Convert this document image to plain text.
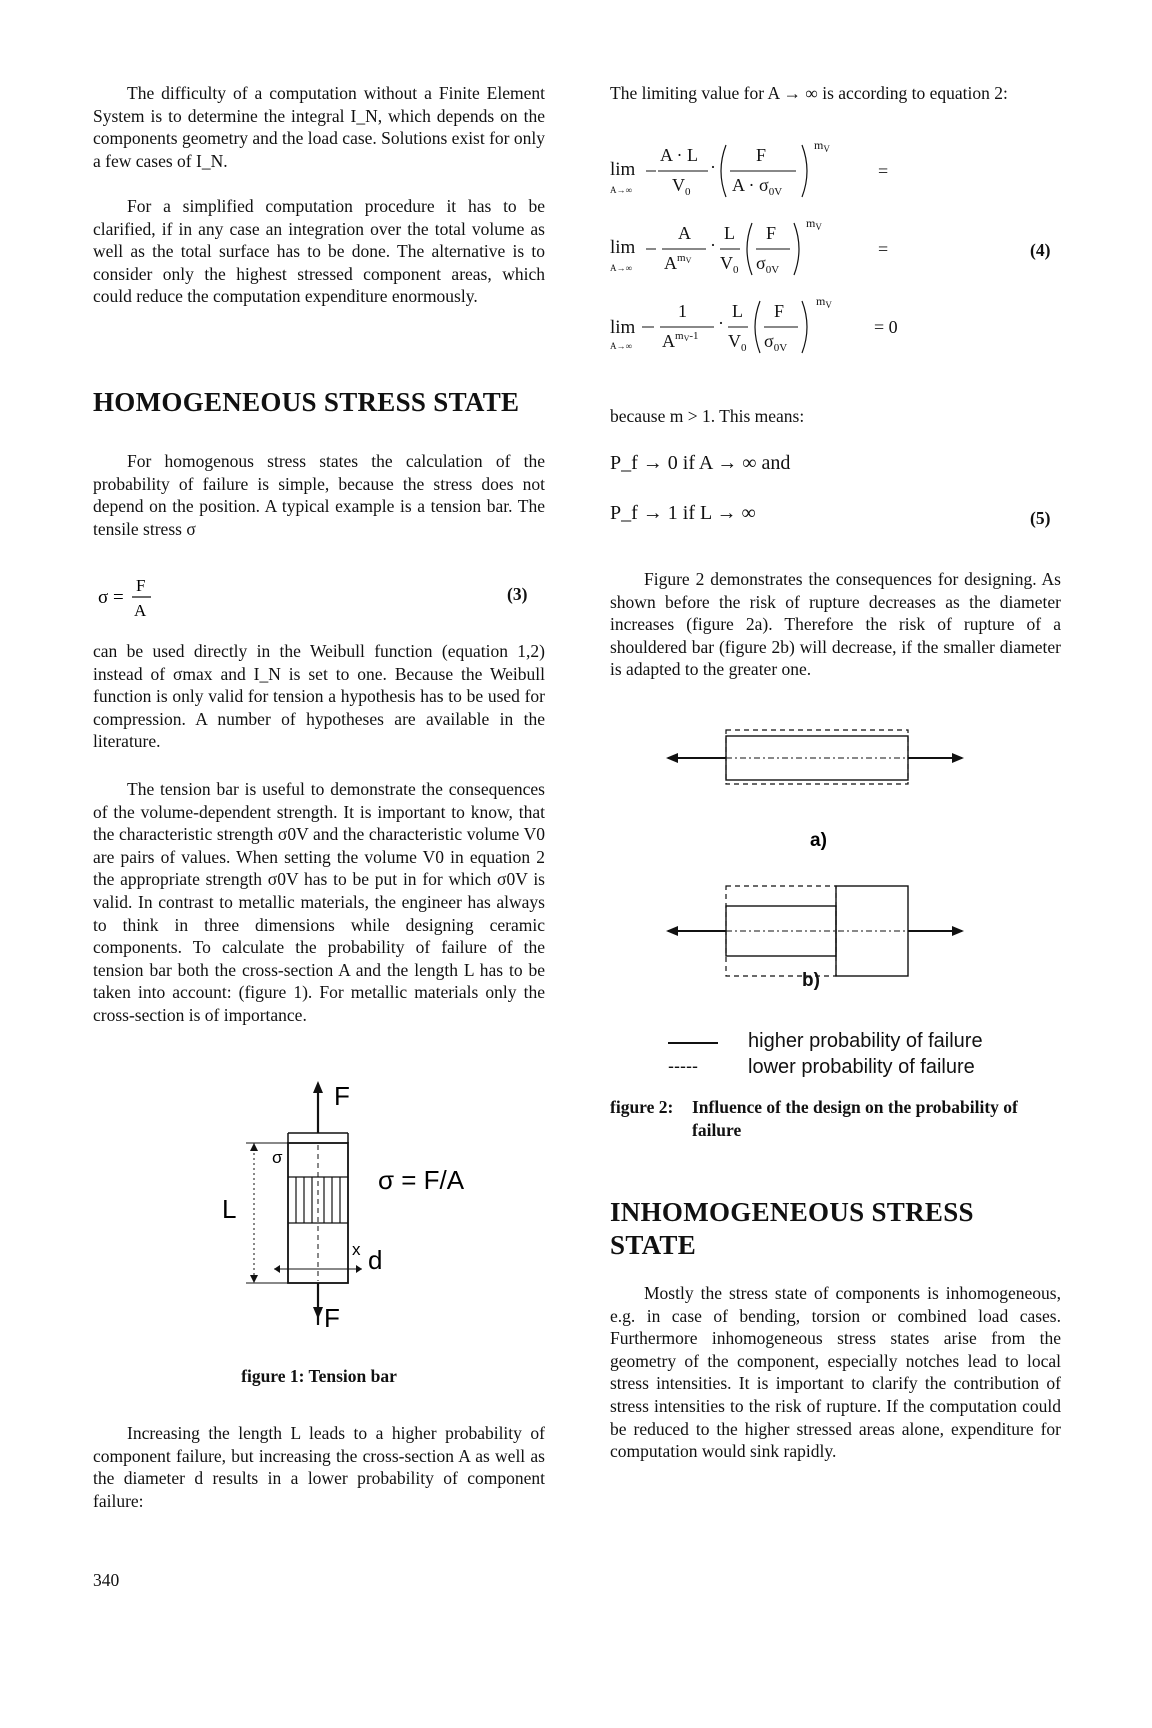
The difficulty of a computation without a Finite Element System is to determine the integral I_N, which depends on the components geometry and the load case. Solutions exist for only a few cases of I_N.

For a simplified computation procedure it has to be clarified, if in any case an integration over the total volume as well as the total surface has to be done. The alternative is to consider only the highest stressed component areas, which could reduce the computation expenditure enormously.

HOMOGENEOUS STRESS STATE

For homogenous stress states the calculation of the probability of failure is simple, because the stress does not depend on the position. A typical example is a tension bar. The tensile stress σ

σ =
F
A
(3)

can be used directly in the Weibull function (equation 1,2) instead of σmax and I_N is set to one. Because the Weibull function is only valid for tension a hypothesis has to be used for compression. A number of hypotheses are available in the literature.

The tension bar is useful to demonstrate the consequences of the volume-dependent strength. It is important to know, that the characteristic strength σ0V and the characteristic volume V0 are pairs of values. When setting the volume V0 in equation 2 the appropriate strength σ0V has to be put in for which σ0V is valid. In contrast to metallic materials, the engineer has always to think in three dimensions while designing ceramic components. To calculate the probability of failure of the tension bar both the cross-section A and the length L has to be taken into account: (figure 1). For metallic materials only the cross-section is of importance.

L
σ
F
F
x d
σ = F/A
figure 1: Tension bar

Increasing the length L leads to a higher probability of component failure, but increasing the cross-section A as well as the diameter d results in a lower probability of component failure:

340

The limiting value for A → ∞ is according to equation 2:

lim
A→∞
A · L
$V_0$
·
F
$A \cdot \sigma_{0V}$
$m_V$
=
lim
A→∞
A
$A^mV$
·
L
$V_0$
F
$\sigma_{0V}$
$m_V$
=
lim
A→∞
1
$A^mV-1$
·
L
$V_0$
F
$\sigma_{0V}$
$m_V$
= 0
(4)
because m > 1. This means:
P_f → 0 if A → ∞ and
P_f → 1 if L → ∞	(5)

Figure 2 demonstrates the consequences for designing. As shown before the risk of rupture decreases as the diameter increases (figure 2a). Therefore the risk of rupture of a shouldered bar (figure 2b) will decrease, if the smaller diameter is adapted to the greater one.

a)
b)
higher probability of failure
-----	lower probability of failure
figure 2: Influence of the design on the probability of failure
INHOMOGENEOUS STRESS STATE

Mostly the stress state of components is inhomogeneous, e.g. in case of bending, torsion or combined load cases. Furthermore inhomogeneous stress states arise from the geometry of the component, especially notches lead to local stress intensities. It is important to clarify the contribution of stress intensities to the risk of rupture. If the computation could be reduced to the higher stressed areas alone, expenditure for computation would sink rapidly.
